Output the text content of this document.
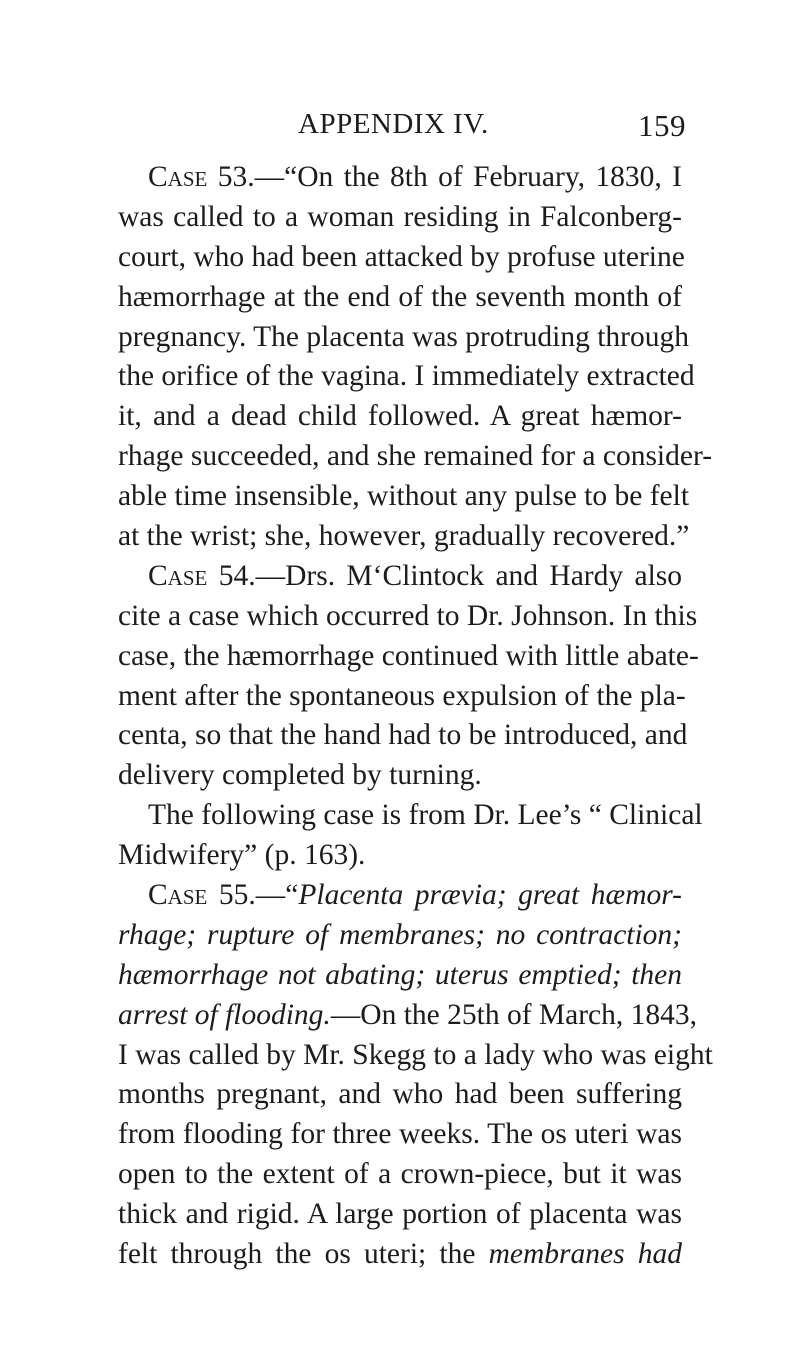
APPENDIX IV.	159
Case 53.—“On the 8th of February, 1830, I
was called to a woman residing in Falconberg-
court, who had been attacked by profuse uterine
hæmorrhage at the end of the seventh month of
pregnancy. The placenta was protruding through
the orifice of the vagina. I immediately extracted
it, and a dead child followed. A great hæmor-
rhage succeeded, and she remained for a consider-
able time insensible, without any pulse to be felt
at the wrist; she, however, gradually recovered.”
Case 54.—Drs. M‘Clintock and Hardy also
cite a case which occurred to Dr. Johnson. In this
case, the hæmorrhage continued with little abate-
ment after the spontaneous expulsion of the pla-
centa, so that the hand had to be introduced, and
delivery completed by turning.
The following case is from Dr. Lee’s “ Clinical
Midwifery” (p. 163).
Case 55.—“Placenta prævia; great hæmor-
rhage; rupture of membranes; no contraction;
hæmorrhage not abating; uterus emptied; then
arrest of flooding.—On the 25th of March, 1843,
I was called by Mr. Skegg to a lady who was eight
months pregnant, and who had been suffering
from flooding for three weeks. The os uteri was
open to the extent of a crown-piece, but it was
thick and rigid. A large portion of placenta was
felt through the os uteri; the membranes had
